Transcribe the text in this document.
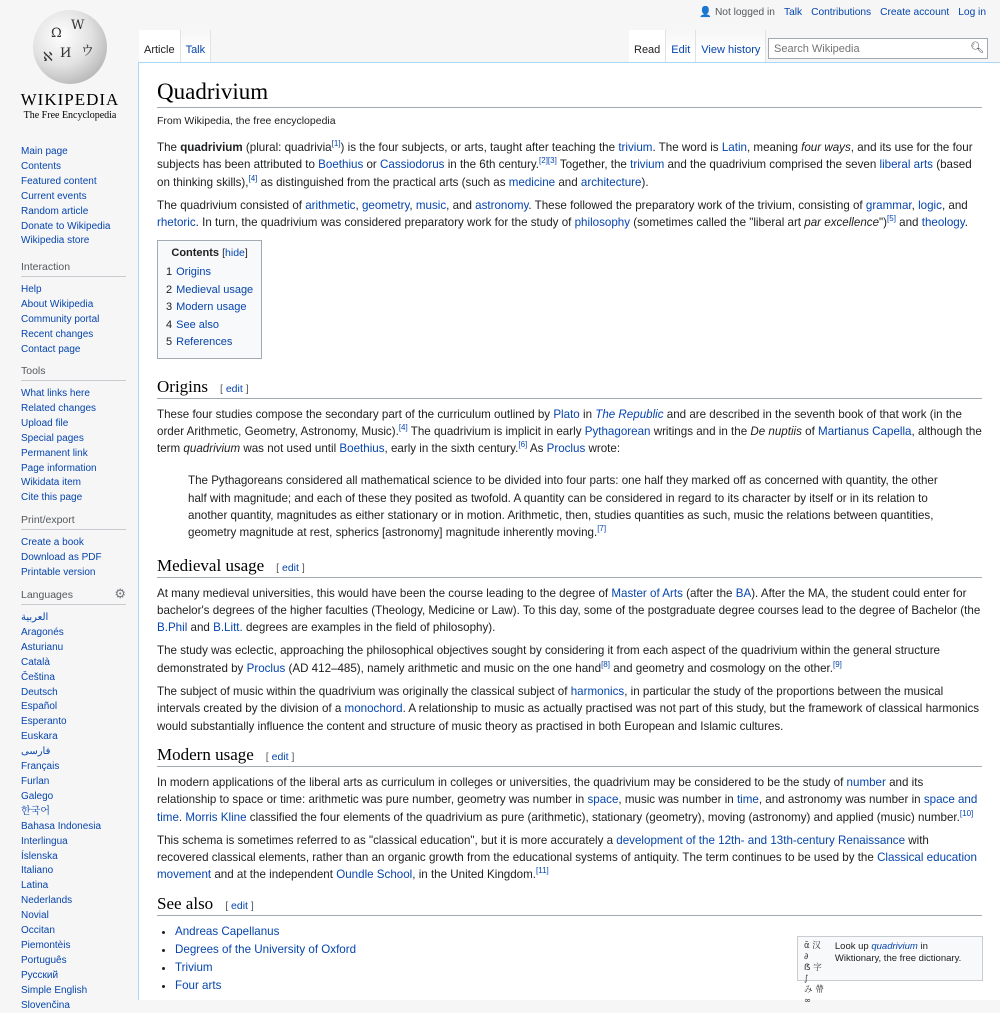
Ω
W
И ウ
ℵ
WIKIPEDIA
The Free Encyclopedia
Main page
Contents
Featured content
Current events
Random article
Donate to Wikipedia
Wikipedia store
Interaction
Help
About Wikipedia
Community portal
Recent changes
Contact page
Tools
What links here
Related changes
Upload file
Special pages
Permanent link
Page information
Wikidata item
Cite this page
Print/export
Create a book
Download as PDF
Printable version
Languages	⚙
العربية
Aragonés
Asturianu
Català
Čeština
Deutsch
Español
Esperanto
Euskara
فارسی
Français
Furlan
Galego
한국어
Bahasa Indonesia
Interlingua
Íslenska
Italiano
Latina
Nederlands
Novial
Occitan
Piemontèis
Português
Русский
Simple English
Slovenčina
👤 Not logged in Talk Contributions Create account Log in
Article	Talk	Read	Edit	View history
Search Wikipedia	🔍︎
Quadrivium
From Wikipedia, the free encyclopedia

The quadrivium (plural: quadrivia[1]) is the four subjects, or arts, taught after teaching the trivium. The word is Latin, meaning four ways, and its use for the four subjects has been attributed to Boethius or Cassiodorus in the 6th century.[2][3] Together, the trivium and the quadrivium comprised the seven liberal arts (based on thinking skills),[4] as distinguished from the practical arts (such as medicine and architecture).

The quadrivium consisted of arithmetic, geometry, music, and astronomy. These followed the preparatory work of the trivium, consisting of grammar, logic, and rhetoric. In turn, the quadrivium was considered preparatory work for the study of philosophy (sometimes called the "liberal art par excellence")[5] and theology.

Contents [hide]
1 Origins
2 Medieval usage
3 Modern usage
4 See also
5 References
Origins [ edit ]

These four studies compose the secondary part of the curriculum outlined by Plato in The Republic and are described in the seventh book of that work (in the order Arithmetic, Geometry, Astronomy, Music).[4] The quadrivium is implicit in early Pythagorean writings and in the De nuptiis of Martianus Capella, although the term quadrivium was not used until Boethius, early in the sixth century.[6] As Proclus wrote:

The Pythagoreans considered all mathematical science to be divided into four parts: one half they marked off as concerned with quantity, the other half with magnitude; and each of these they posited as twofold. A quantity can be considered in regard to its character by itself or in its relation to another quantity, magnitudes as either stationary or in motion. Arithmetic, then, studies quantities as such, music the relations between quantities, geometry magnitude at rest, spherics [astronomy] magnitude inherently moving.[7]
Medieval usage [ edit ]

At many medieval universities, this would have been the course leading to the degree of Master of Arts (after the BA). After the MA, the student could enter for bachelor's degrees of the higher faculties (Theology, Medicine or Law). To this day, some of the postgraduate degree courses lead to the degree of Bachelor (the B.Phil and B.Litt. degrees are examples in the field of philosophy).

The study was eclectic, approaching the philosophical objectives sought by considering it from each aspect of the quadrivium within the general structure demonstrated by Proclus (AD 412–485), namely arithmetic and music on the one hand[8] and geometry and cosmology on the other.[9]

The subject of music within the quadrivium was originally the classical subject of harmonics, in particular the study of the proportions between the musical intervals created by the division of a monochord. A relationship to music as actually practised was not part of this study, but the framework of classical harmonics would substantially influence the content and structure of music theory as practised in both European and Islamic cultures.

Modern usage [ edit ]

In modern applications of the liberal arts as curriculum in colleges or universities, the quadrivium may be considered to be the study of number and its relationship to space or time: arithmetic was pure number, geometry was number in space, music was number in time, and astronomy was number in space and time. Morris Kline classified the four elements of the quadrivium as pure (arithmetic), stationary (geometry), moving (astronomy) and applied (music) number.[10]

This schema is sometimes referred to as "classical education", but it is more accurately a development of the 12th- and 13th-century Renaissance with recovered classical elements, rather than an organic growth from the educational systems of antiquity. The term continues to be used by the Classical education movement and at the independent Oundle School, in the United Kingdom.[11]

See also [ edit ]
• Andreas Capellanus
• Degrees of the University of Oxford
• Trivium
• Four arts
ᾱ 汉 ∂
ẞ 字 ∫
み 帶 ∞
Look up quadrivium in Wiktionary, the free dictionary.
